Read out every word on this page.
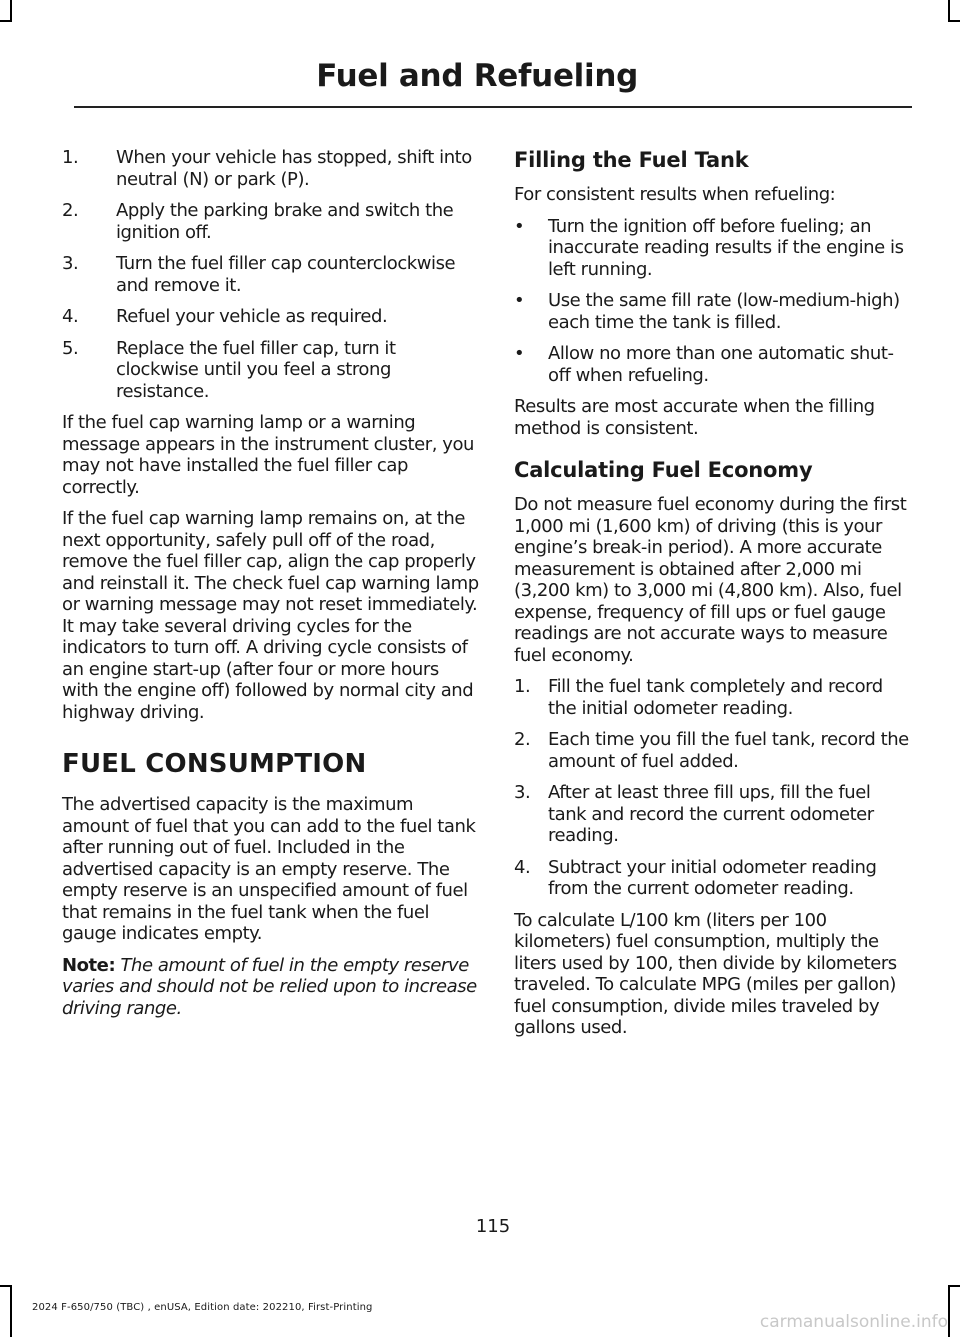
Fuel and Refueling
1. When your vehicle has stopped, shift into neutral (N) or park (P).
2. Apply the parking brake and switch the ignition off.
3. Turn the fuel filler cap counterclockwise and remove it.
4. Refuel your vehicle as required.
5. Replace the fuel filler cap, turn it clockwise until you feel a strong resistance.

If the fuel cap warning lamp or a warning message appears in the instrument cluster, you may not have installed the fuel filler cap correctly.

If the fuel cap warning lamp remains on, at the next opportunity, safely pull off of the road, remove the fuel filler cap, align the cap properly and reinstall it. The check fuel cap warning lamp or warning message may not reset immediately. It may take several driving cycles for the indicators to turn off. A driving cycle consists of an engine start-up (after four or more hours with the engine off) followed by normal city and highway driving.

FUEL CONSUMPTION

The advertised capacity is the maximum amount of fuel that you can add to the fuel tank after running out of fuel. Included in the advertised capacity is an empty reserve. The empty reserve is an unspecified amount of fuel that remains in the fuel tank when the fuel gauge indicates empty.

Note: The amount of fuel in the empty reserve varies and should not be relied upon to increase driving range.

Filling the Fuel Tank

For consistent results when refueling:

• Turn the ignition off before fueling; an inaccurate reading results if the engine is left running.
• Use the same fill rate (low-medium-high) each time the tank is filled.
• Allow no more than one automatic shut-off when refueling.

Results are most accurate when the filling method is consistent.

Calculating Fuel Economy

Do not measure fuel economy during the first 1,000 mi (1,600 km) of driving (this is your engine’s break-in period). A more accurate measurement is obtained after 2,000 mi (3,200 km) to 3,000 mi (4,800 km). Also, fuel expense, frequency of fill ups or fuel gauge readings are not accurate ways to measure fuel economy.

1. Fill the fuel tank completely and record the initial odometer reading.
2. Each time you fill the fuel tank, record the amount of fuel added.
3. After at least three fill ups, fill the fuel tank and record the current odometer reading.
4. Subtract your initial odometer reading from the current odometer reading.

To calculate L/100 km (liters per 100 kilometers) fuel consumption, multiply the liters used by 100, then divide by kilometers traveled. To calculate MPG (miles per gallon) fuel consumption, divide miles traveled by gallons used.

115
2024 F-650/750 (TBC) , enUSA, Edition date: 202210, First-Printing
carmanualsonline.info
